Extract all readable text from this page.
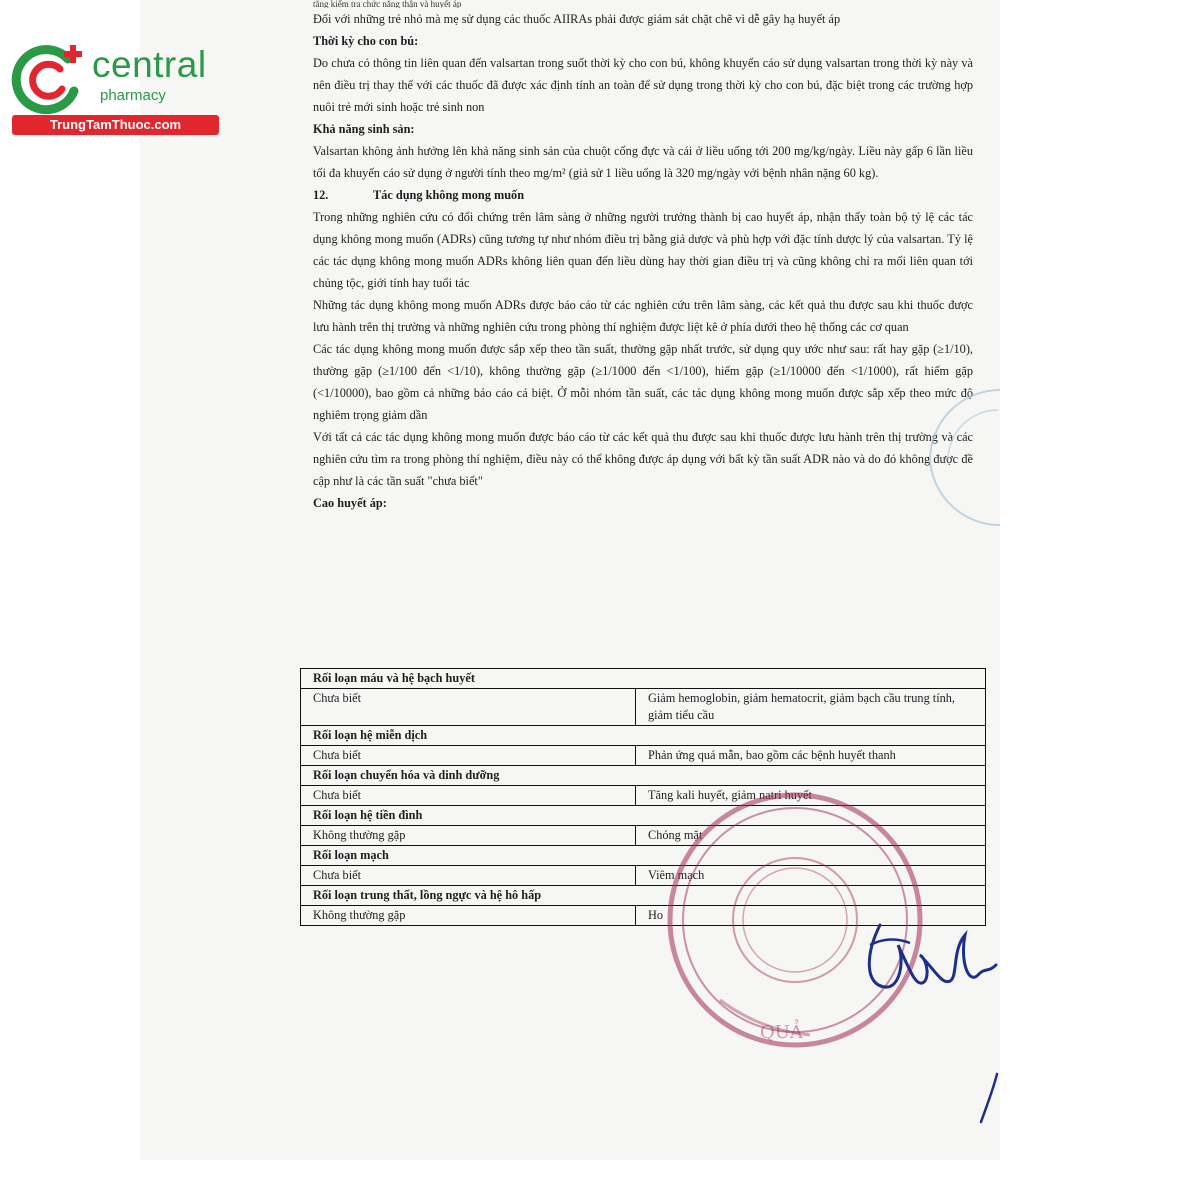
central
pharmacy
TrungTamThuoc.com

tăng kiểm tra chức năng thận và huyết áp

Đối với những trẻ nhỏ mà mẹ sử dụng các thuốc AIIRAs phải được giám sát chặt chẽ vì dễ gây hạ huyết áp

Thời kỳ cho con bú:

Do chưa có thông tin liên quan đến valsartan trong suốt thời kỳ cho con bú, không khuyến cáo sử dụng valsartan trong thời kỳ này và nên điều trị thay thế với các thuốc đã được xác định tính an toàn để sử dụng trong thời kỳ cho con bú, đặc biệt trong các trường hợp nuôi trẻ mới sinh hoặc trẻ sinh non

Khả năng sinh sản:

Valsartan không ảnh hưởng lên khả năng sinh sản của chuột cống đực và cái ở liều uống tới 200 mg/kg/ngày. Liều này gấp 6 lần liều tối đa khuyến cáo sử dụng ở người tính theo mg/m² (giả sử 1 liều uống là 320 mg/ngày với bệnh nhân nặng 60 kg).

12.	Tác dụng không mong muốn

Trong những nghiên cứu có đối chứng trên lâm sàng ở những người trưởng thành bị cao huyết áp, nhận thấy toàn bộ tỷ lệ các tác dụng không mong muốn (ADRs) cũng tương tự như nhóm điều trị bằng giả dược và phù hợp với đặc tính dược lý của valsartan. Tỷ lệ các tác dụng không mong muốn ADRs không liên quan đến liều dùng hay thời gian điều trị và cũng không chỉ ra mối liên quan tới chủng tộc, giới tính hay tuổi tác

Những tác dụng không mong muốn ADRs được báo cáo từ các nghiên cứu trên lâm sàng, các kết quả thu được sau khi thuốc được lưu hành trên thị trường và những nghiên cứu trong phòng thí nghiệm được liệt kê ở phía dưới theo hệ thống các cơ quan

Các tác dụng không mong muốn được sắp xếp theo tần suất, thường gặp nhất trước, sử dụng quy ước như sau: rất hay gặp (≥1/10), thường gặp (≥1/100 đến <1/10), không thường gặp (≥1/1000 đến <1/100), hiếm gặp (≥1/10000 đến <1/1000), rất hiếm gặp (<1/10000), bao gồm cả những báo cáo cá biệt. Ở mỗi nhóm tần suất, các tác dụng không mong muốn được sắp xếp theo mức độ nghiêm trọng giảm dần

Với tất cả các tác dụng không mong muốn được báo cáo từ các kết quả thu được sau khi thuốc được lưu hành trên thị trường và các nghiên cứu tìm ra trong phòng thí nghiệm, điều này có thể không được áp dụng với bất kỳ tần suất ADR nào và do đó không được đề cập như là các tần suất "chưa biết"

Cao huyết áp:

Rối loạn máu và hệ bạch huyết	
Chưa biết	Giảm hemoglobin, giảm hematocrit, giảm bạch cầu trung tính, giảm tiểu cầu
Rối loạn hệ miễn dịch	
Chưa biết	Phản ứng quá mẫn, bao gồm các bệnh huyết thanh
Rối loạn chuyển hóa và dinh dưỡng	
Chưa biết	Tăng kali huyết, giảm natri huyết
Rối loạn hệ tiền đình	
Không thường gặp	Chóng mặt
Rối loạn mạch	
Chưa biết	Viêm mạch
Rối loạn trung thất, lồng ngực và hệ hô hấp	
Không thường gặp	Ho
QUẢ
